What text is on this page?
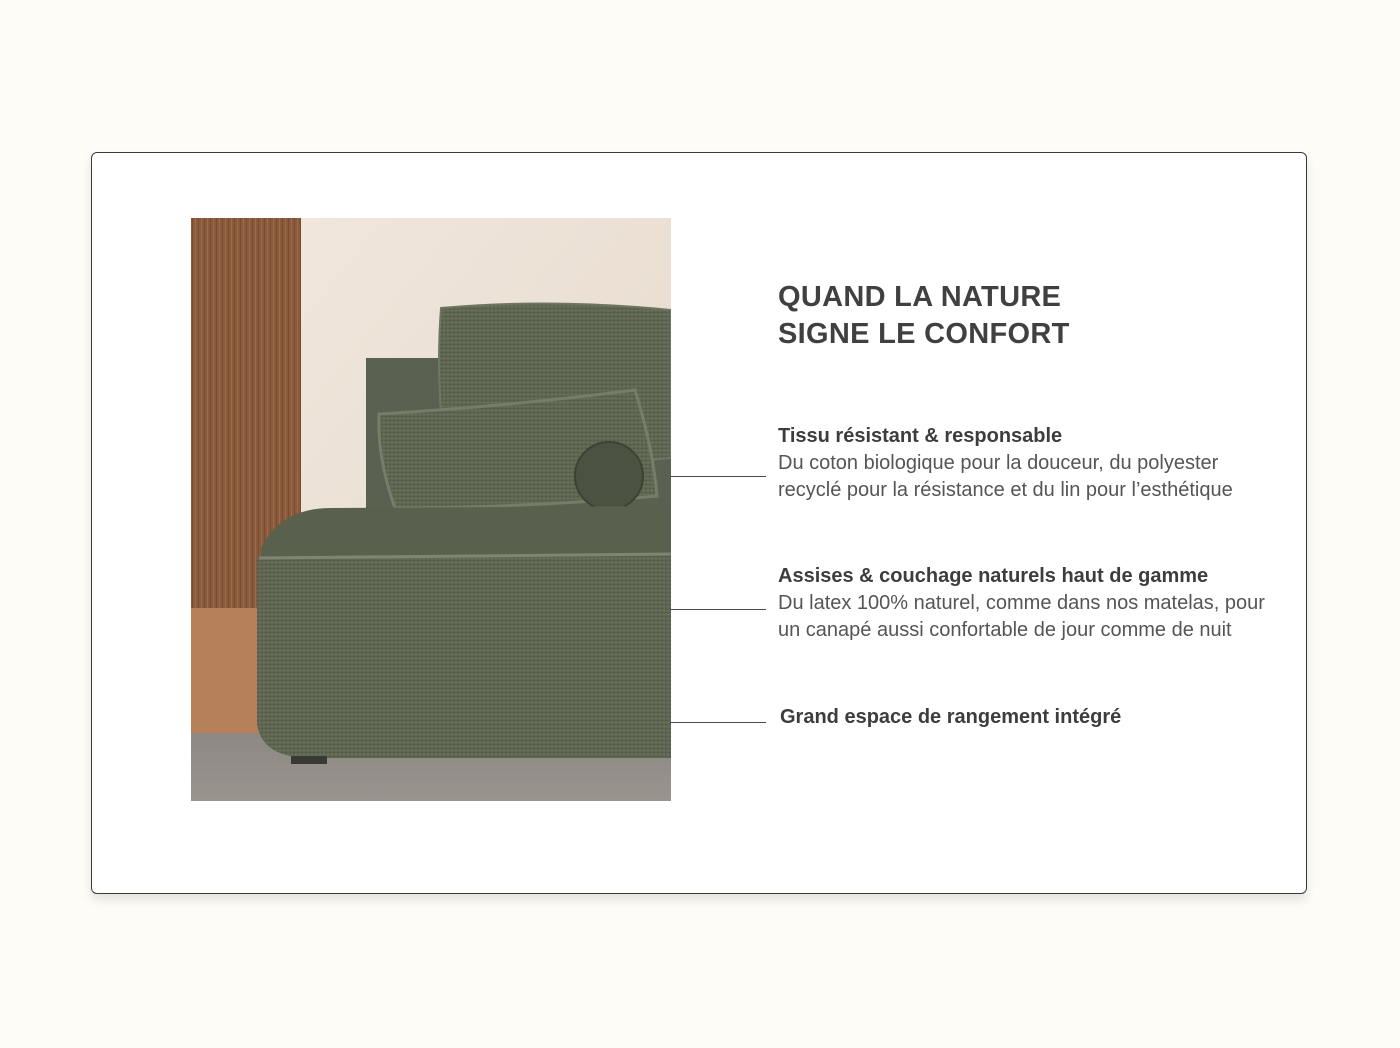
QUAND LA NATURE
SIGNE LE CONFORT
Tissu résistant & responsable

Du coton biologique pour la douceur, du polyester recyclé pour la résistance et du lin pour l’esthétique

Assises & couchage naturels haut de gamme

Du latex 100% naturel, comme dans nos matelas, pour un canapé aussi confortable de jour comme de nuit

Grand espace de rangement intégré
